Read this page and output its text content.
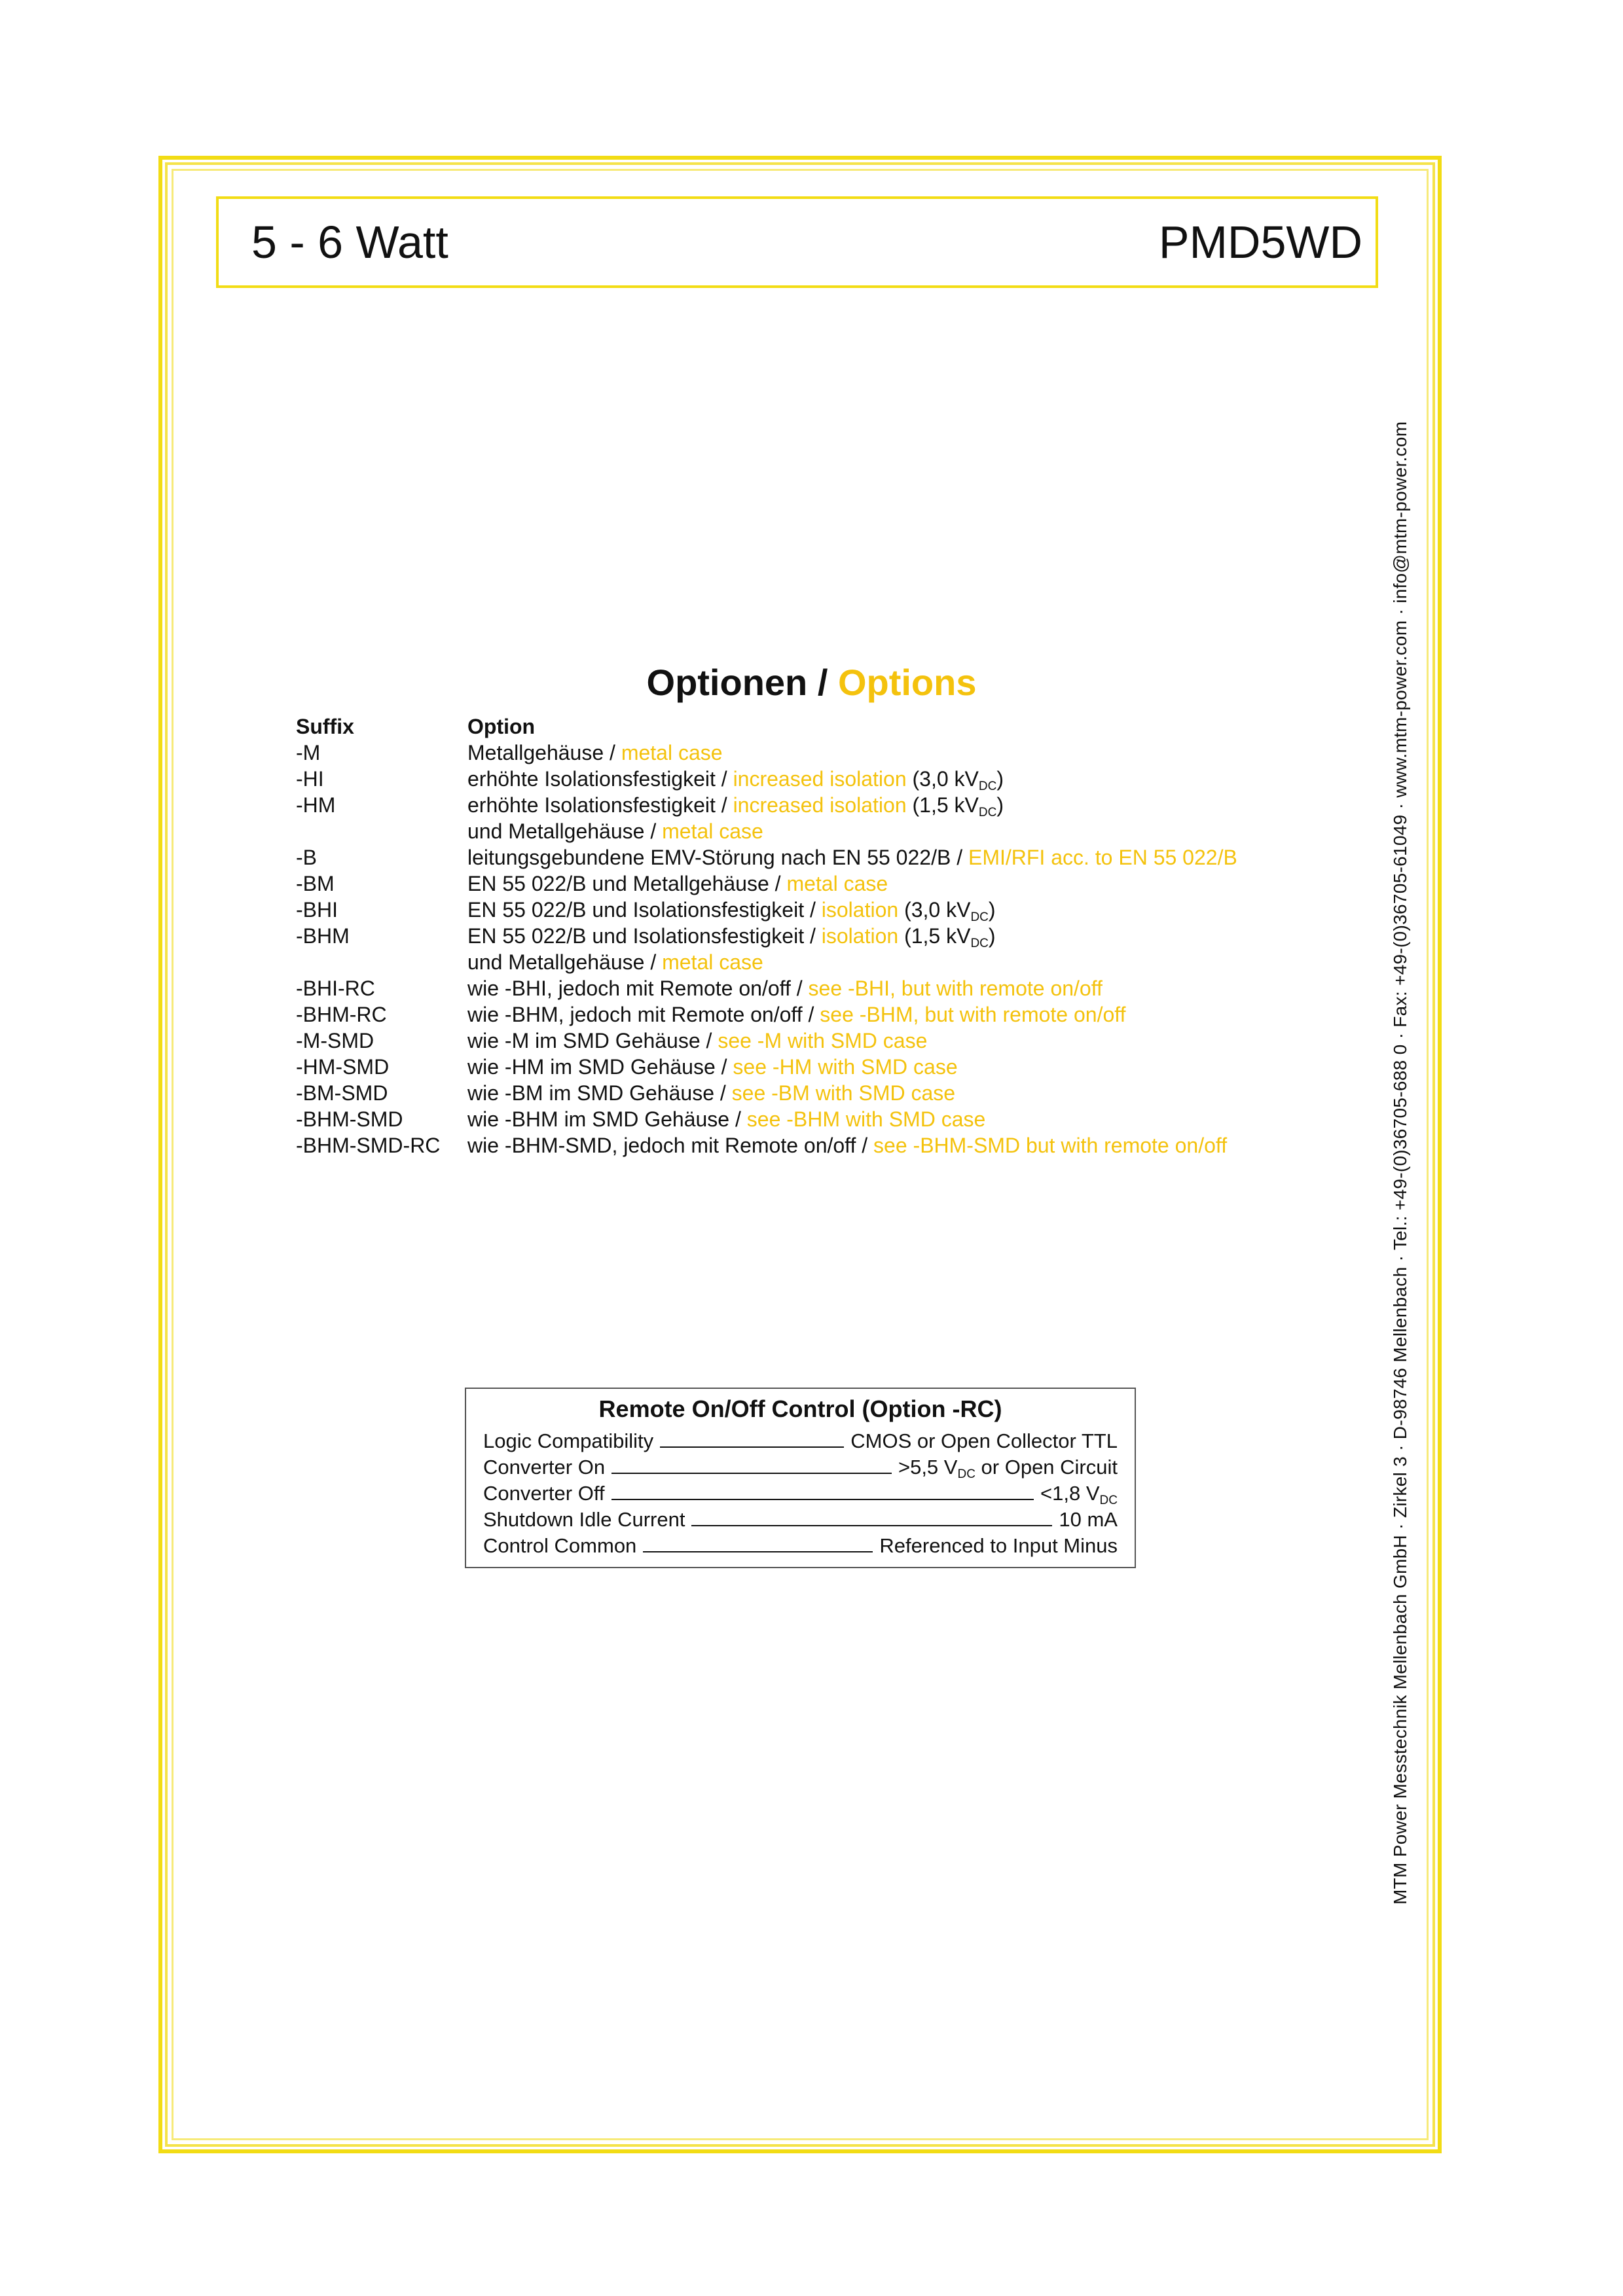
5 - 6 Watt	PMD5WD
MTM Power Messtechnik Mellenbach GmbH · Zirkel 3 · D-98746 Mellenbach · Tel.: +49-(0)36705-688 0 · Fax: +49-(0)36705-61049 · www.mtm-power.com · info@mtm-power.com
Optionen / Options
Suffix	Option
-M	Metallgehäuse / metal case
-HI	erhöhte Isolationsfestigkeit / increased isolation (3,0 $kV_{DC}$)
-HM	erhöhte Isolationsfestigkeit / increased isolation (1,5 $kV_{DC}$)
und Metallgehäuse / metal case
-B	leitungsgebundene EMV-Störung nach EN 55 022/B / EMI/RFI acc. to EN 55 022/B
-BM	EN 55 022/B und Metallgehäuse / metal case
-BHI	EN 55 022/B und Isolationsfestigkeit / isolation (3,0 $kV_{DC}$)
-BHM	EN 55 022/B und Isolationsfestigkeit / isolation (1,5 $kV_{DC}$)
und Metallgehäuse / metal case
-BHI-RC	wie -BHI, jedoch mit Remote on/off / see -BHI, but with remote on/off
-BHM-RC	wie -BHM, jedoch mit Remote on/off / see -BHM, but with remote on/off
-M-SMD	wie -M im SMD Gehäuse / see -M with SMD case
-HM-SMD	wie -HM im SMD Gehäuse / see -HM with SMD case
-BM-SMD	wie -BM im SMD Gehäuse / see -BM with SMD case
-BHM-SMD	wie -BHM im SMD Gehäuse / see -BHM with SMD case
-BHM-SMD-RC	wie -BHM-SMD, jedoch mit Remote on/off / see -BHM-SMD but with remote on/off
Remote On/Off Control (Option -RC)
Logic Compatibility	CMOS or Open Collector TTL
Converter On	>5,5 $V_{DC}$ or Open Circuit
Converter Off	<1,8 $V_{DC}$
Shutdown Idle Current	10 mA
Control Common	Referenced to Input Minus
